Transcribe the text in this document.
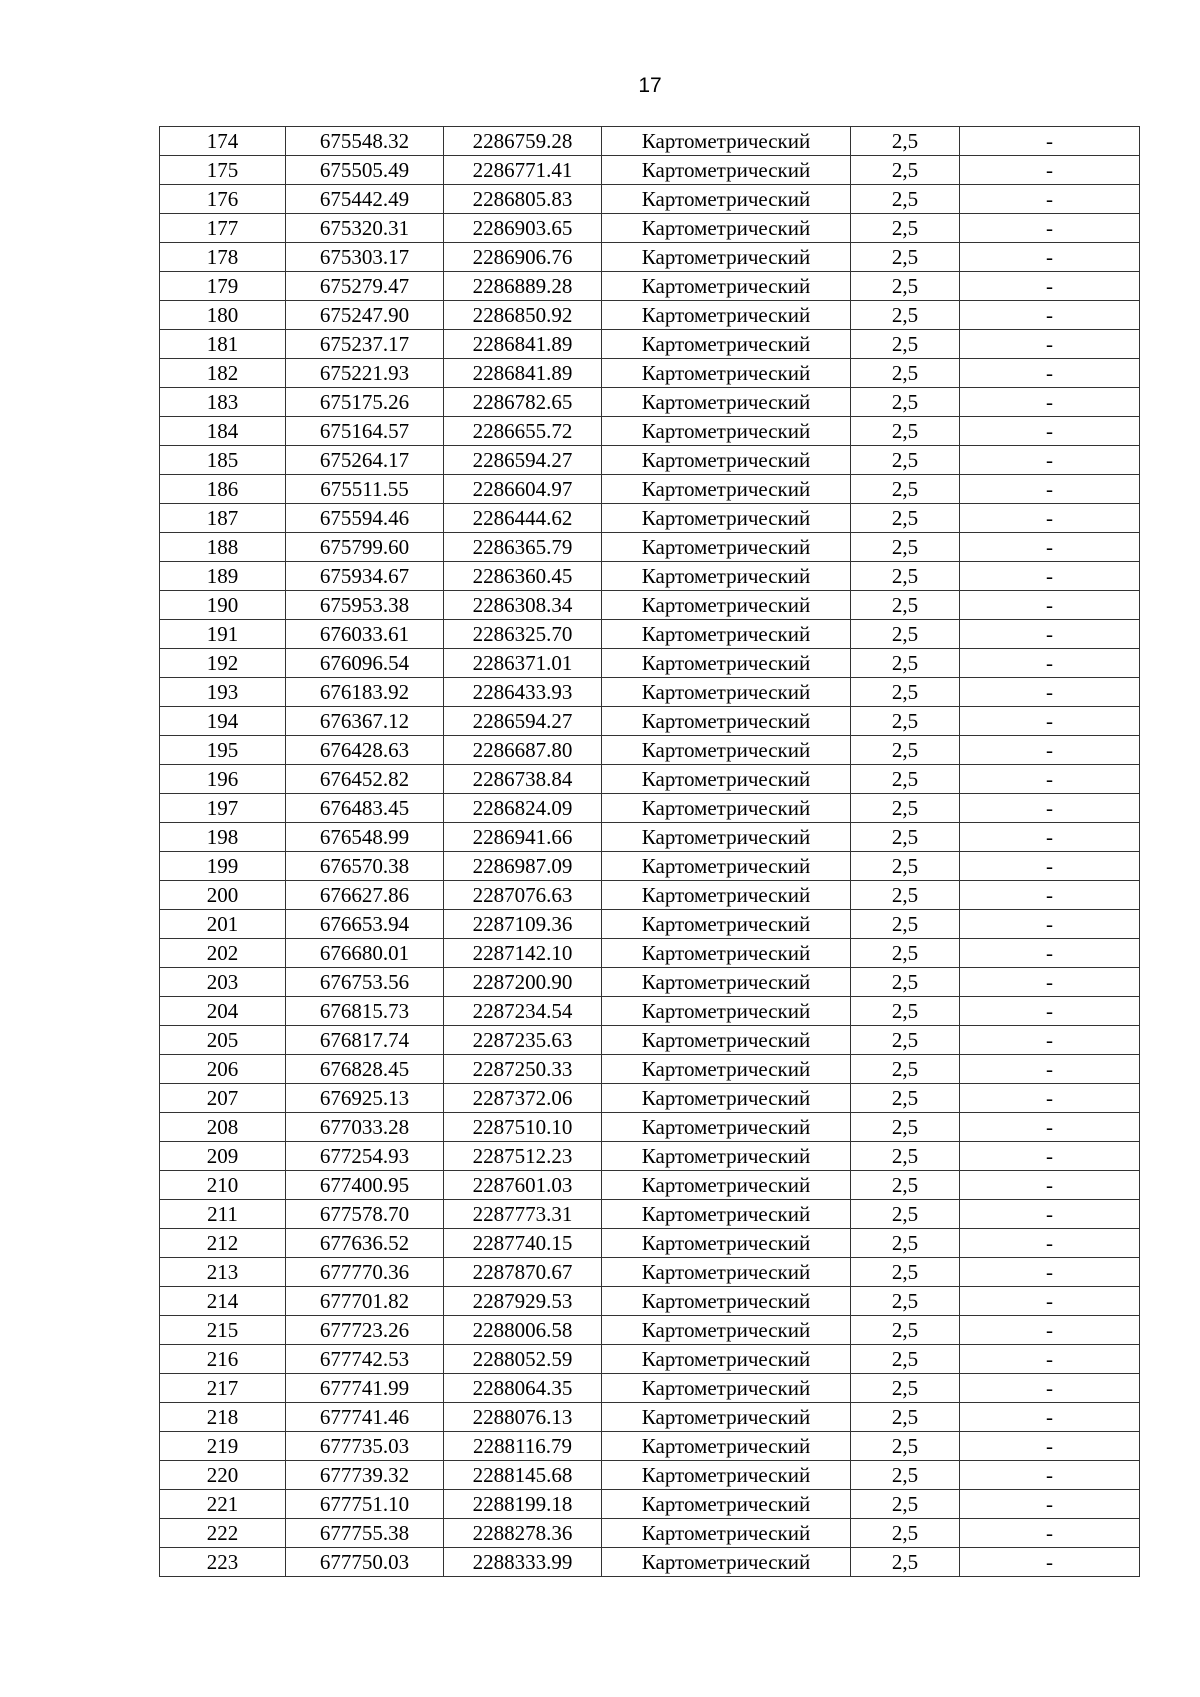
17
174	675548.32	2286759.28	Картометрический	2,5	-
175	675505.49	2286771.41	Картометрический	2,5	-
176	675442.49	2286805.83	Картометрический	2,5	-
177	675320.31	2286903.65	Картометрический	2,5	-
178	675303.17	2286906.76	Картометрический	2,5	-
179	675279.47	2286889.28	Картометрический	2,5	-
180	675247.90	2286850.92	Картометрический	2,5	-
181	675237.17	2286841.89	Картометрический	2,5	-
182	675221.93	2286841.89	Картометрический	2,5	-
183	675175.26	2286782.65	Картометрический	2,5	-
184	675164.57	2286655.72	Картометрический	2,5	-
185	675264.17	2286594.27	Картометрический	2,5	-
186	675511.55	2286604.97	Картометрический	2,5	-
187	675594.46	2286444.62	Картометрический	2,5	-
188	675799.60	2286365.79	Картометрический	2,5	-
189	675934.67	2286360.45	Картометрический	2,5	-
190	675953.38	2286308.34	Картометрический	2,5	-
191	676033.61	2286325.70	Картометрический	2,5	-
192	676096.54	2286371.01	Картометрический	2,5	-
193	676183.92	2286433.93	Картометрический	2,5	-
194	676367.12	2286594.27	Картометрический	2,5	-
195	676428.63	2286687.80	Картометрический	2,5	-
196	676452.82	2286738.84	Картометрический	2,5	-
197	676483.45	2286824.09	Картометрический	2,5	-
198	676548.99	2286941.66	Картометрический	2,5	-
199	676570.38	2286987.09	Картометрический	2,5	-
200	676627.86	2287076.63	Картометрический	2,5	-
201	676653.94	2287109.36	Картометрический	2,5	-
202	676680.01	2287142.10	Картометрический	2,5	-
203	676753.56	2287200.90	Картометрический	2,5	-
204	676815.73	2287234.54	Картометрический	2,5	-
205	676817.74	2287235.63	Картометрический	2,5	-
206	676828.45	2287250.33	Картометрический	2,5	-
207	676925.13	2287372.06	Картометрический	2,5	-
208	677033.28	2287510.10	Картометрический	2,5	-
209	677254.93	2287512.23	Картометрический	2,5	-
210	677400.95	2287601.03	Картометрический	2,5	-
211	677578.70	2287773.31	Картометрический	2,5	-
212	677636.52	2287740.15	Картометрический	2,5	-
213	677770.36	2287870.67	Картометрический	2,5	-
214	677701.82	2287929.53	Картометрический	2,5	-
215	677723.26	2288006.58	Картометрический	2,5	-
216	677742.53	2288052.59	Картометрический	2,5	-
217	677741.99	2288064.35	Картометрический	2,5	-
218	677741.46	2288076.13	Картометрический	2,5	-
219	677735.03	2288116.79	Картометрический	2,5	-
220	677739.32	2288145.68	Картометрический	2,5	-
221	677751.10	2288199.18	Картометрический	2,5	-
222	677755.38	2288278.36	Картометрический	2,5	-
223	677750.03	2288333.99	Картометрический	2,5	-
